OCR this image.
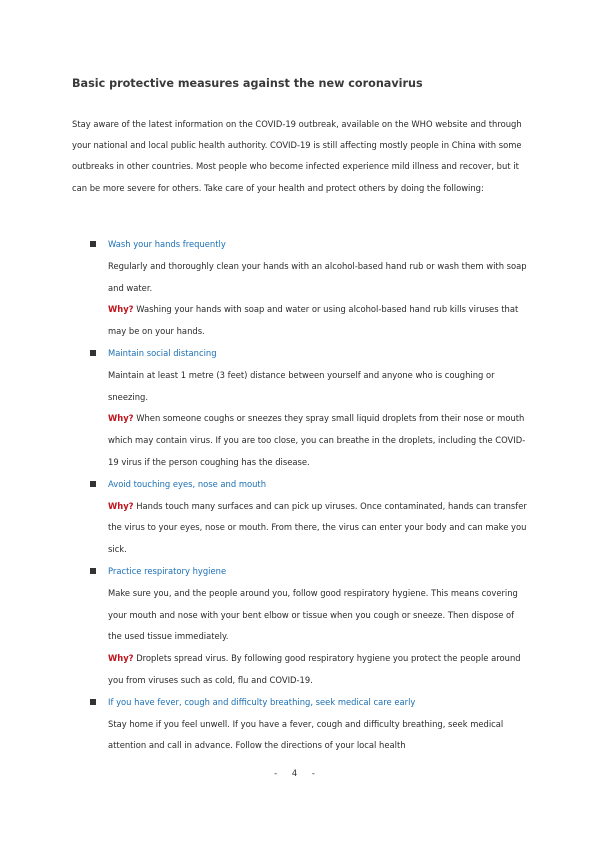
Basic protective measures against the new coronavirus
Stay aware of the latest information on the COVID-19 outbreak, available on the WHO website and through your national and local public health authority. COVID-19 is still affecting mostly people in China with some outbreaks in other countries. Most people who become infected experience mild illness and recover, but it can be more severe for others. Take care of your health and protect others by doing the following:
Wash your hands frequently
Regularly and thoroughly clean your hands with an alcohol-based hand rub or wash them with soap and water.
Why? Washing your hands with soap and water or using alcohol-based hand rub kills viruses that may be on your hands.
Maintain social distancing
Maintain at least 1 metre (3 feet) distance between yourself and anyone who is coughing or sneezing.
Why? When someone coughs or sneezes they spray small liquid droplets from their nose or mouth which may contain virus. If you are too close, you can breathe in the droplets, including the COVID-19 virus if the person coughing has the disease.
Avoid touching eyes, nose and mouth
Why? Hands touch many surfaces and can pick up viruses. Once contaminated, hands can transfer the virus to your eyes, nose or mouth. From there, the virus can enter your body and can make you sick.
Practice respiratory hygiene
Make sure you, and the people around you, follow good respiratory hygiene. This means covering your mouth and nose with your bent elbow or tissue when you cough or sneeze. Then dispose of the used tissue immediately.
Why? Droplets spread virus. By following good respiratory hygiene you protect the people around you from viruses such as cold, flu and COVID-19.
If you have fever, cough and difficulty breathing, seek medical care early
Stay home if you feel unwell. If you have a fever, cough and difficulty breathing, seek medical attention and call in advance. Follow the directions of your local health
- 4 -
